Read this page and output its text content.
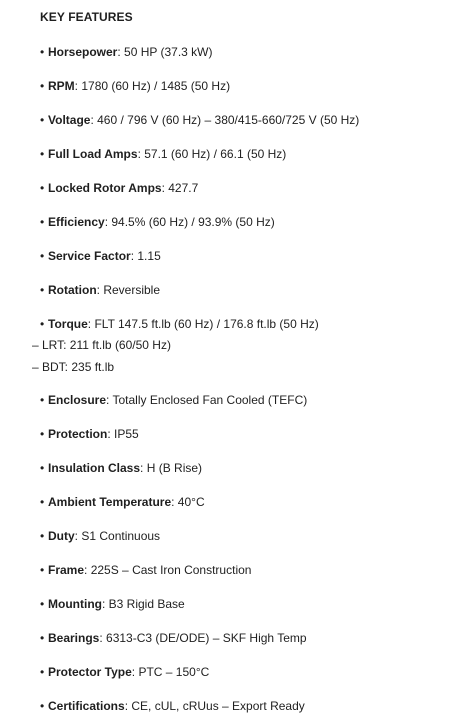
KEY FEATURES
• Horsepower: 50 HP (37.3 kW)
• RPM: 1780 (60 Hz) / 1485 (50 Hz)
• Voltage: 460 / 796 V (60 Hz) – 380/415-660/725 V (50 Hz)
• Full Load Amps: 57.1 (60 Hz) / 66.1 (50 Hz)
• Locked Rotor Amps: 427.7
• Efficiency: 94.5% (60 Hz) / 93.9% (50 Hz)
• Service Factor: 1.15
• Rotation: Reversible
• Torque: FLT 147.5 ft.lb (60 Hz) / 176.8 ft.lb (50 Hz)
– LRT: 211 ft.lb (60/50 Hz)
– BDT: 235 ft.lb
• Enclosure: Totally Enclosed Fan Cooled (TEFC)
• Protection: IP55
• Insulation Class: H (B Rise)
• Ambient Temperature: 40°C
• Duty: S1 Continuous
• Frame: 225S – Cast Iron Construction
• Mounting: B3 Rigid Base
• Bearings: 6313-C3 (DE/ODE) – SKF High Temp
• Protector Type: PTC – 150°C
• Certifications: CE, cUL, cRUus – Export Ready
